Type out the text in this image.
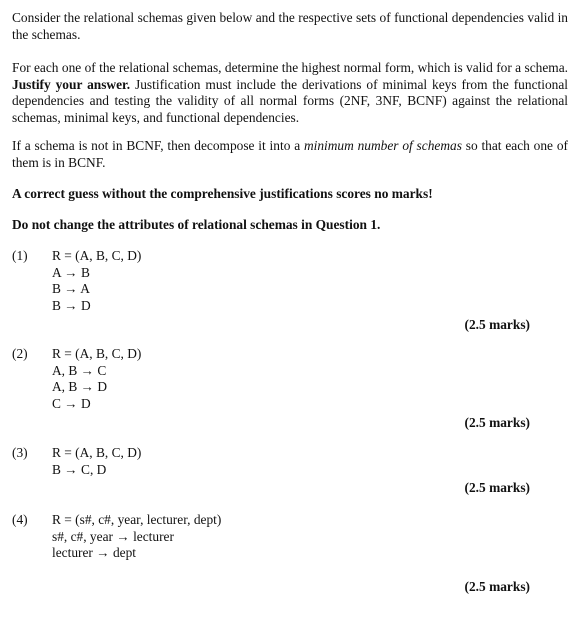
Consider the relational schemas given below and the respective sets of functional dependencies valid in the schemas.

For each one of the relational schemas, determine the highest normal form, which is valid for a schema. Justify your answer. Justification must include the derivations of minimal keys from the functional dependencies and testing the validity of all normal forms (2NF, 3NF, BCNF) against the relational schemas, minimal keys, and functional dependencies.

If a schema is not in BCNF, then decompose it into a minimum number of schemas so that each one of them is in BCNF.

A correct guess without the comprehensive justifications scores no marks!

Do not change the attributes of relational schemas in Question 1.

(1) R = (A, B, C, D)
A → B
B → A
B → D
(2.5 marks)
(2) R = (A, B, C, D)
A, B → C
A, B → D
C → D
(2.5 marks)
(3) R = (A, B, C, D)
B → C, D
(2.5 marks)
(4) R = (s#, c#, year, lecturer, dept)
s#, c#, year → lecturer
lecturer → dept
(2.5 marks)
